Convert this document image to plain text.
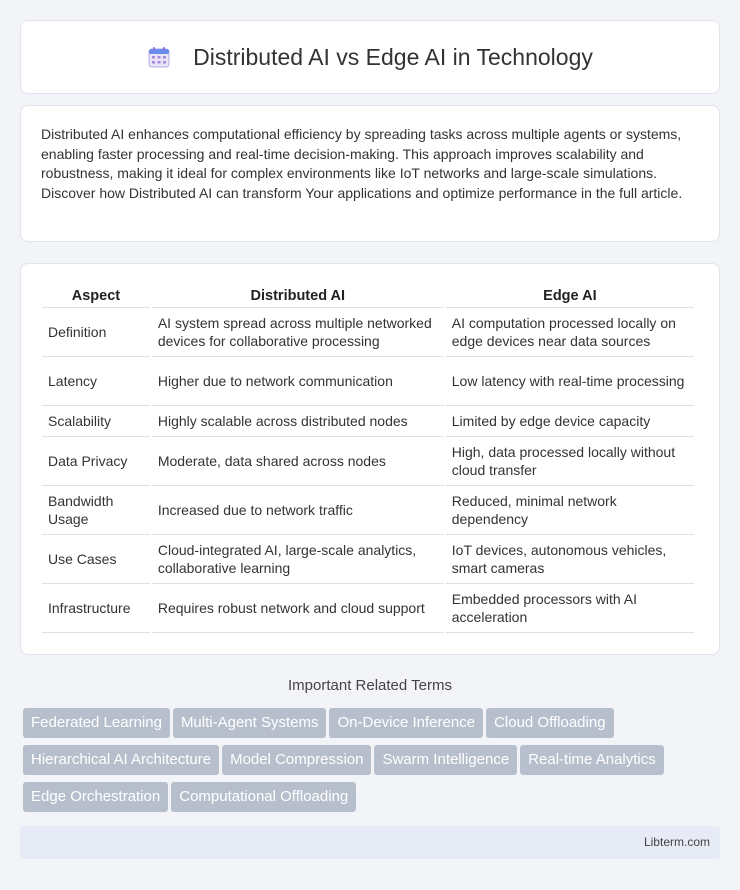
Distributed AI vs Edge AI in Technology

Distributed AI enhances computational efficiency by spreading tasks across multiple agents or systems, enabling faster processing and real-time decision-making. This approach improves scalability and robustness, making it ideal for complex environments like IoT networks and large-scale simulations. Discover how Distributed AI can transform Your applications and optimize performance in the full article.

Aspect	Distributed AI	Edge AI
Definition	AI system spread across multiple networked devices for collaborative processing	AI computation processed locally on edge devices near data sources
Latency	Higher due to network communication	Low latency with real-time processing
Scalability	Highly scalable across distributed nodes	Limited by edge device capacity
Data Privacy	Moderate, data shared across nodes	High, data processed locally without cloud transfer
Bandwidth Usage	Increased due to network traffic	Reduced, minimal network dependency
Use Cases	Cloud-integrated AI, large-scale analytics, collaborative learning	IoT devices, autonomous vehicles, smart cameras
Infrastructure	Requires robust network and cloud support	Embedded processors with AI acceleration
Important Related Terms
Federated Learning Multi-Agent Systems On-Device Inference Cloud OffloadingHierarchical AI Architecture Model Compression Swarm Intelligence Real-time AnalyticsEdge Orchestration Computational Offloading
Libterm.com
